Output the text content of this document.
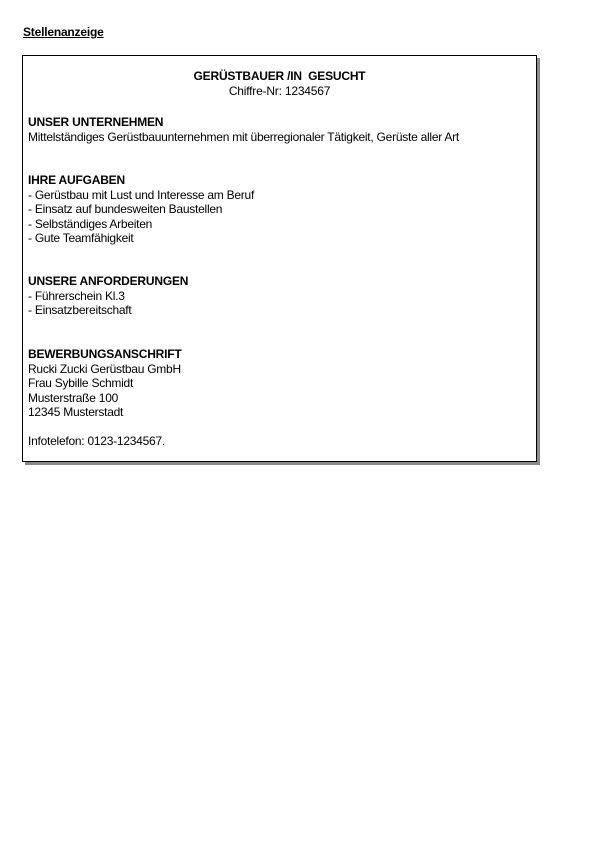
Stellenanzeige
GERÜSTBAUER /IN  GESUCHT
Chiffre-Nr: 1234567
UNSER UNTERNEHMEN
Mittelständiges Gerüstbauunternehmen mit überregionaler Tätigkeit, Gerüste aller Art
IHRE AUFGABEN
- Gerüstbau mit Lust und Interesse am Beruf
- Einsatz auf bundesweiten Baustellen
- Selbständiges Arbeiten
- Gute Teamfähigkeit
UNSERE ANFORDERUNGEN
- Führerschein Kl.3
- Einsatzbereitschaft
BEWERBUNGSANSCHRIFT
Rucki Zucki Gerüstbau GmbH
Frau Sybille Schmidt
Musterstraße 100
12345 Musterstadt
Infotelefon: 0123-1234567.
